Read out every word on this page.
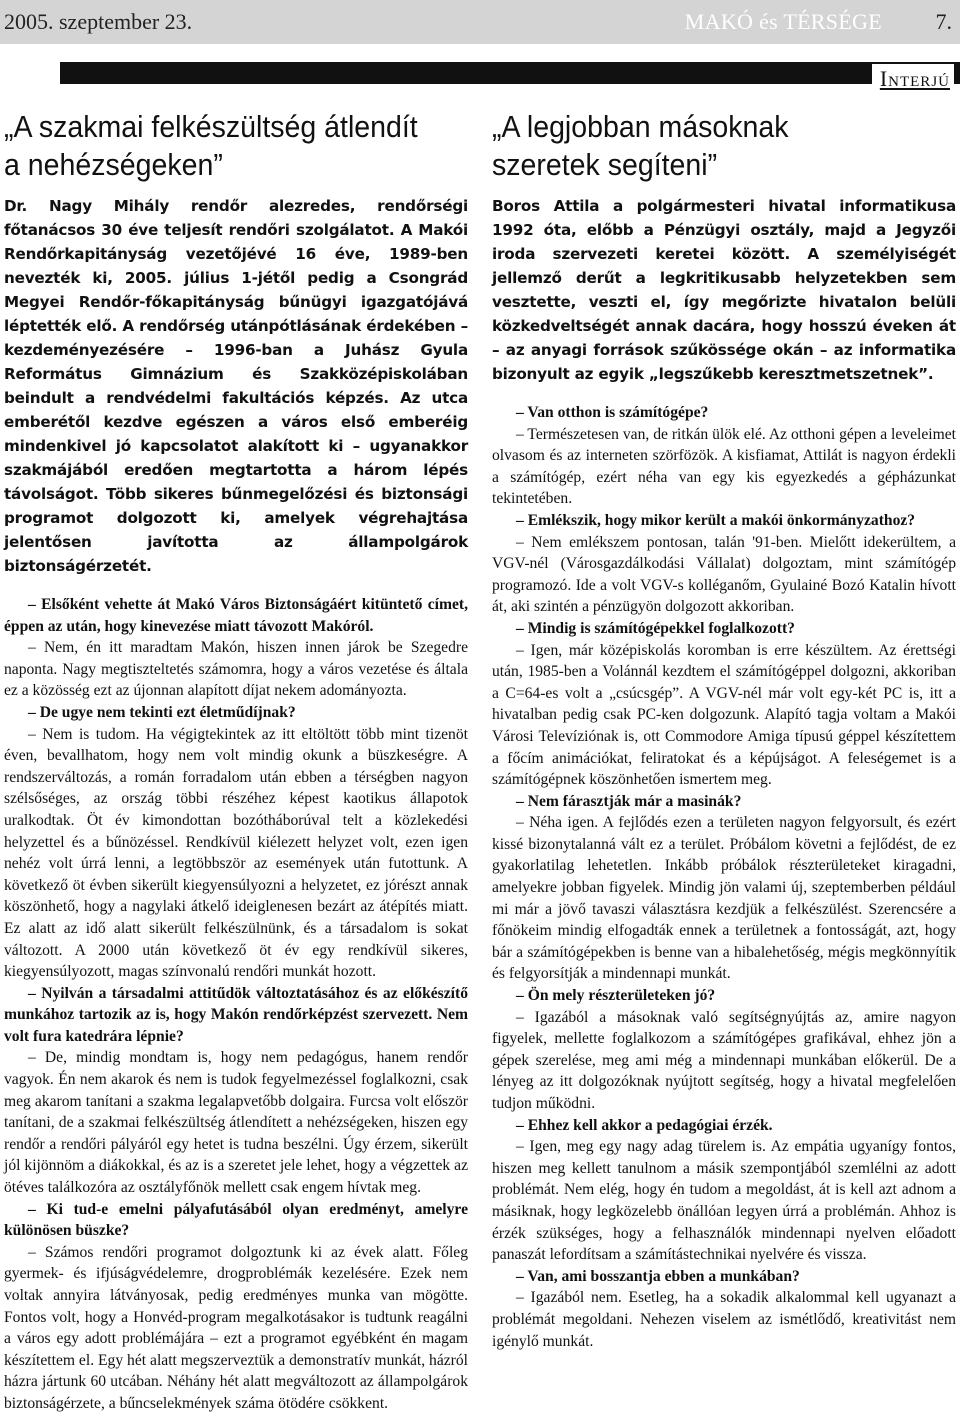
2005. szeptember 23.	MAKÓ és TÉRSÉGE 7.
Interjú
„A szakmai felkészültség átlendít
a nehézségeken”
Dr. Nagy Mihály rendőr alezredes, rendőrségi főtanácsos 30 éve teljesít rendőri szolgálatot. A Makói Rendőrkapitányság vezetőjévé 16 éve, 1989-ben nevezték ki, 2005. július 1-jétől pedig a Csongrád Megyei Rendőr-főkapitányság bűnügyi igazgatójává léptették elő. A rendőrség utánpótlásának érdekében – kezdeményezésére – 1996-ban a Juhász Gyula Református Gimnázium és Szakközépiskolában beindult a rendvédelmi fakultációs képzés. Az utca emberétől kezdve egészen a város első emberéig mindenkivel jó kapcsolatot alakított ki – ugyanakkor szakmájából eredően megtartotta a három lépés távolságot. Több sikeres bűnmegelőzési és biztonsági programot dolgozott ki, amelyek végrehajtása jelentősen javította az állampolgárok biztonságérzetét.

– Elsőként vehette át Makó Város Biztonságáért kitüntető címet, éppen az után, hogy kinevezése miatt távozott Makóról.

– Nem, én itt maradtam Makón, hiszen innen járok be Szegedre naponta. Nagy megtiszteltetés számomra, hogy a város vezetése és általa ez a közösség ezt az újonnan alapított díjat nekem adományozta.

– De ugye nem tekinti ezt életműdíjnak?

– Nem is tudom. Ha végigtekintek az itt eltöltött több mint tizenöt éven, bevallhatom, hogy nem volt mindig okunk a büszkeségre. A rendszerváltozás, a román forradalom után ebben a térségben nagyon szélsőséges, az ország többi részéhez képest kaotikus állapotok uralkodtak. Öt év kimondottan bozótháborúval telt a közlekedési helyzettel és a bűnözéssel. Rendkívül kiélezett helyzet volt, ezen igen nehéz volt úrrá lenni, a legtöbbször az események után futottunk. A következő öt évben sikerült kiegyensúlyozni a helyzetet, ez jórészt annak köszönhető, hogy a nagylaki átkelő ideiglenesen bezárt az átépítés miatt. Ez alatt az idő alatt sikerült felkészülnünk, és a társadalom is sokat változott. A 2000 után következő öt év egy rendkívül sikeres, kiegyensúlyozott, magas színvonalú rendőri munkát hozott.

– Nyilván a társadalmi attitűdök változtatásához és az előkészítő munkához tartozik az is, hogy Makón rendőrképzést szervezett. Nem volt fura katedrára lépnie?

– De, mindig mondtam is, hogy nem pedagógus, hanem rendőr vagyok. Én nem akarok és nem is tudok fegyelmezéssel foglalkozni, csak meg akarom tanítani a szakma legalapvetőbb dolgaira. Furcsa volt először tanítani, de a szakmai felkészültség átlendített a nehézségeken, hiszen egy rendőr a rendőri pályáról egy hetet is tudna beszélni. Úgy érzem, sikerült jól kijönnöm a diákokkal, és az is a szeretet jele lehet, hogy a végzettek az ötéves találkozóra az osztályfőnök mellett csak engem hívtak meg.

– Ki tud-e emelni pályafutásából olyan eredményt, amelyre különösen büszke?

– Számos rendőri programot dolgoztunk ki az évek alatt. Főleg gyermek- és ifjúságvédelemre, drogproblémák kezelésére. Ezek nem voltak annyira látványosak, pedig eredményes munka van mögötte. Fontos volt, hogy a Honvéd-program megalkotásakor is tudtunk reagálni a város egy adott problémájára – ezt a programot egyébként én magam készítettem el. Egy hét alatt megszerveztük a demonstratív munkát, házról házra jártunk 60 utcában. Néhány hét alatt megváltozott az állampolgárok biztonságérzete, a bűncselekmények száma ötödére csökkent.

„A legjobban másoknak
szeretek segíteni”
Boros Attila a polgármesteri hivatal informatikusa 1992 óta, előbb a Pénzügyi osztály, majd a Jegyzői iroda szervezeti keretei között. A személyiségét jellemző derűt a legkritikusabb helyzetekben sem vesztette, veszti el, így megőrizte hivatalon belüli közkedveltségét annak dacára, hogy hosszú éveken át – az anyagi források szűkössége okán – az informatika bizonyult az egyik „legszűkebb keresztmetszetnek”.

– Van otthon is számítógépe?

– Természetesen van, de ritkán ülök elé. Az otthoni gépen a leveleimet olvasom és az interneten szörfözök. A kisfiamat, Attilát is nagyon érdekli a számítógép, ezért néha van egy kis egyezkedés a gépházunkat tekintetében.

– Emlékszik, hogy mikor került a makói önkormányzathoz?

– Nem emlékszem pontosan, talán '91-ben. Mielőtt idekerültem, a VGV-nél (Városgazdálkodási Vállalat) dolgoztam, mint számítógép programozó. Ide a volt VGV-s kolléganőm, Gyulainé Bozó Katalin hívott át, aki szintén a pénzügyön dolgozott akkoriban.

– Mindig is számítógépekkel foglalkozott?

– Igen, már középiskolás koromban is erre készültem. Az érettségi után, 1985-ben a Volánnál kezdtem el számítógéppel dolgozni, akkoriban a C=64-es volt a „csúcsgép”. A VGV-nél már volt egy-két PC is, itt a hivatalban pedig csak PC-ken dolgozunk. Alapító tagja voltam a Makói Városi Televíziónak is, ott Commodore Amiga típusú géppel készítettem a főcím animációkat, feliratokat és a képújságot. A feleségemet is a számítógépnek köszönhetően ismertem meg.

– Nem fárasztják már a masinák?

– Néha igen. A fejlődés ezen a területen nagyon felgyorsult, és ezért kissé bizonytalanná vált ez a terület. Próbálom követni a fejlődést, de ez gyakorlatilag lehetetlen. Inkább próbálok részterületeket kiragadni, amelyekre jobban figyelek. Mindig jön valami új, szeptemberben például mi már a jövő tavaszi választásra kezdjük a felkészülést. Szerencsére a főnökeim mindig elfogadták ennek a területnek a fontosságát, azt, hogy bár a számítógépekben is benne van a hibalehetőség, mégis megkönnyítik és felgyorsítják a mindennapi munkát.

– Ön mely részterületeken jó?

– Igazából a másoknak való segítségnyújtás az, amire nagyon figyelek, mellette foglalkozom a számítógépes grafikával, ehhez jön a gépek szerelése, meg ami még a mindennapi munkában előkerül. De a lényeg az itt dolgozóknak nyújtott segítség, hogy a hivatal megfelelően tudjon működni.

– Ehhez kell akkor a pedagógiai érzék.

– Igen, meg egy nagy adag türelem is. Az empátia ugyanígy fontos, hiszen meg kellett tanulnom a másik szempontjából szemlélni az adott problémát. Nem elég, hogy én tudom a megoldást, át is kell azt adnom a másiknak, hogy legközelebb önállóan legyen úrrá a problémán. Ahhoz is érzék szükséges, hogy a felhasználók mindennapi nyelven előadott panaszát lefordítsam a számítástechnikai nyelvére és vissza.

– Van, ami bosszantja ebben a munkában?

– Igazából nem. Esetleg, ha a sokadik alkalommal kell ugyanazt a problémát megoldani. Nehezen viselem az ismétlődő, kreativitást nem igénylő munkát.
